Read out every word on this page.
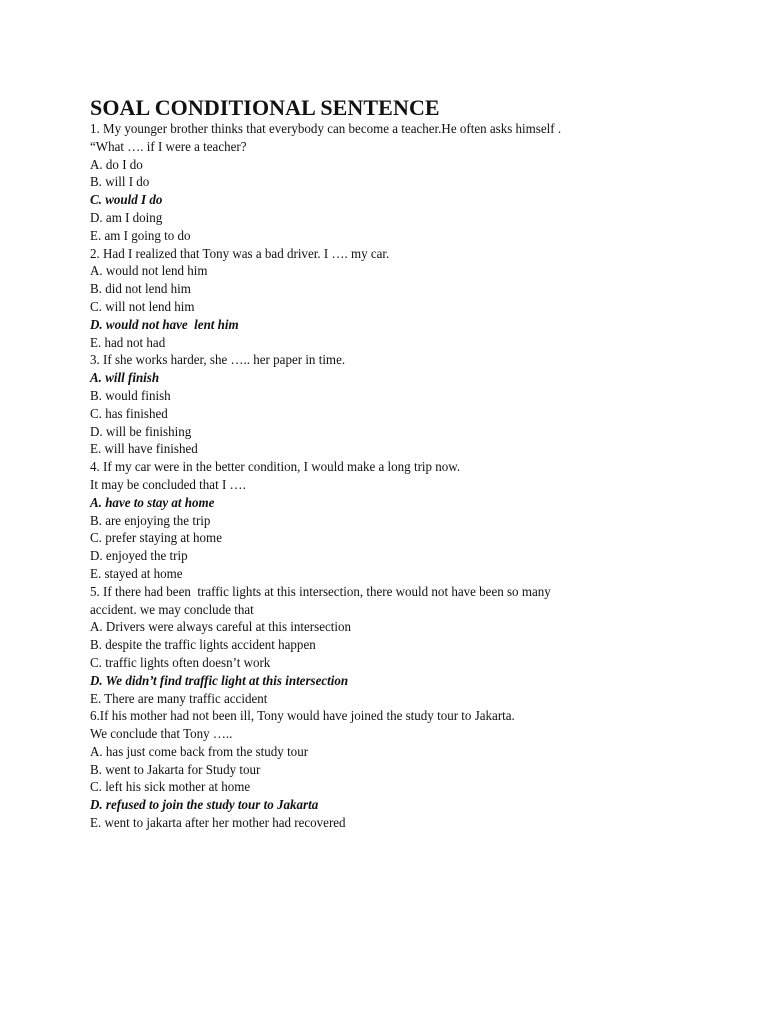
SOAL CONDITIONAL SENTENCE
1. My younger brother thinks that everybody can become a teacher.He often asks himself .
“What …. if I were a teacher?
A. do I do
B. will I do
C. would I do
D. am I doing
E. am I going to do
2. Had I realized that Tony was a bad driver. I …. my car.
A. would not lend him
B. did not lend him
C. will not lend him
D. would not have  lent him
E. had not had
3. If she works harder, she ….. her paper in time.
A. will finish
B. would finish
C. has finished
D. will be finishing
E. will have finished
4. If my car were in the better condition, I would make a long trip now.
It may be concluded that I ….
A. have to stay at home
B. are enjoying the trip
C. prefer staying at home
D. enjoyed the trip
E. stayed at home
5. If there had been  traffic lights at this intersection, there would not have been so many
accident. we may conclude that
A. Drivers were always careful at this intersection
B. despite the traffic lights accident happen
C. traffic lights often doesn’t work
D. We didn’t find traffic light at this intersection
E. There are many traffic accident
6.If his mother had not been ill, Tony would have joined the study tour to Jakarta.
We conclude that Tony …..
A. has just come back from the study tour
B. went to Jakarta for Study tour
C. left his sick mother at home
D. refused to join the study tour to Jakarta
E. went to jakarta after her mother had recovered
